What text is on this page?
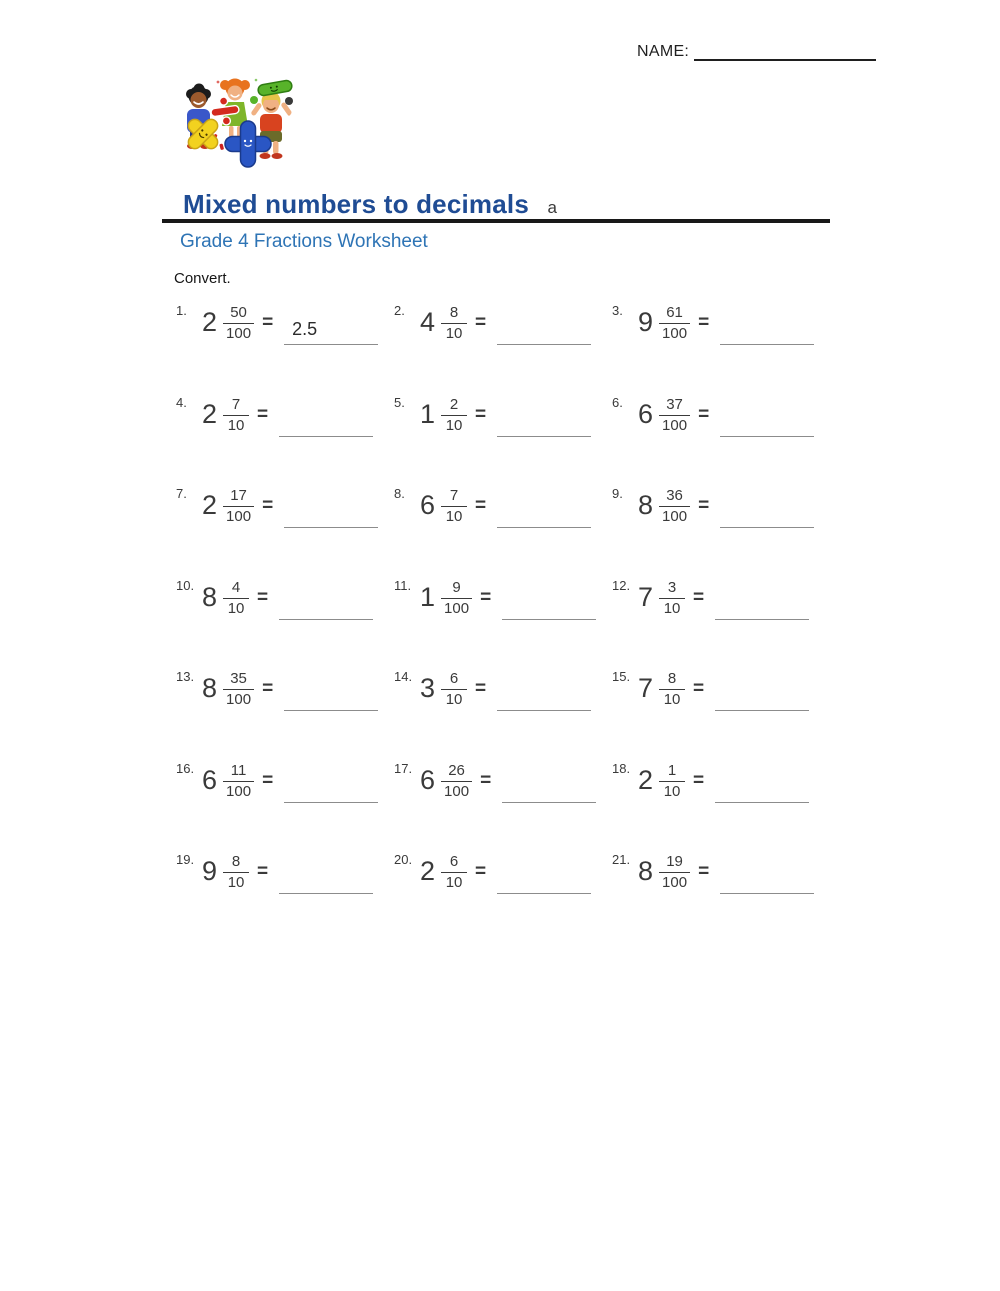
NAME:
Mixed numbers to decimals a
Grade 4 Fractions Worksheet
Convert.
1. $2 \frac{50}{100}$ =
2.5
2. $4 \frac{8}{10}$ =
3. $9 \frac{61}{100}$ =
4. $2 \frac{7}{10}$ =
5. $1 \frac{2}{10}$ =
6. $6 \frac{37}{100}$ =
7. $2 \frac{17}{100}$ =
8. $6 \frac{7}{10}$ =
9. $8 \frac{36}{100}$ =
10. $8 \frac{4}{10}$ =
11. $1 \frac{9}{100}$ =
12. $7 \frac{3}{10}$ =
13. $8 \frac{35}{100}$ =
14. $3 \frac{6}{10}$ =
15. $7 \frac{8}{10}$ =
16. $6 \frac{11}{100}$ =
17. $6 \frac{26}{100}$ =
18. $2 \frac{1}{10}$ =
19. $9 \frac{8}{10}$ =
20. $2 \frac{6}{10}$ =
21. $8 \frac{19}{100}$ =
